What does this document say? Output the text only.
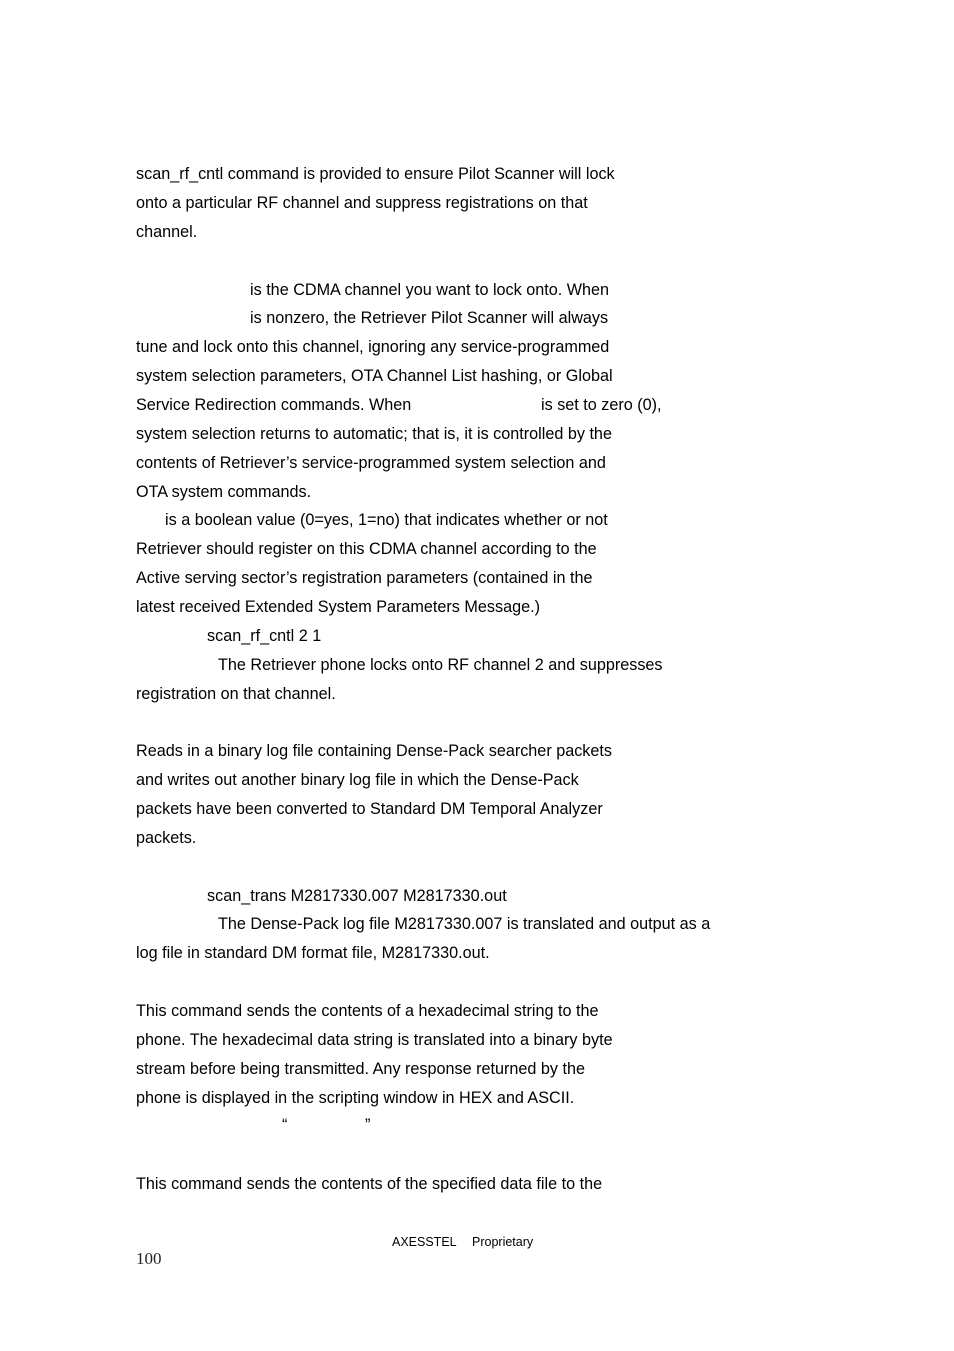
scan_rf_cntl command is provided to ensure Pilot Scanner will lock
onto a particular RF channel and suppress registrations on that
channel.
is the CDMA channel you want to lock onto. When
is nonzero, the Retriever Pilot Scanner will always
tune and lock onto this channel, ignoring any service-programmed
system selection parameters, OTA Channel List hashing, or Global
Service Redirection commands. When	is set to zero (0),
system selection returns to automatic; that is, it is controlled by the
contents of Retriever’s service-programmed system selection and
OTA system commands.
is a boolean value (0=yes, 1=no) that indicates whether or not
Retriever should register on this CDMA channel according to the
Active serving sector’s registration parameters (contained in the
latest received Extended System Parameters Message.)
scan_rf_cntl 2 1
The Retriever phone locks onto RF channel 2 and suppresses
registration on that channel.
Reads in a binary log file containing Dense-Pack searcher packets
and writes out another binary log file in which the Dense-Pack
packets have been converted to Standard DM Temporal Analyzer
packets.
scan_trans M2817330.007 M2817330.out
The Dense-Pack log file M2817330.007 is translated and output as a
log file in standard DM format file, M2817330.out.
This command sends the contents of a hexadecimal string to the
phone. The hexadecimal data string is translated into a binary byte
stream before being transmitted. Any response returned by the
phone is displayed in the scripting window in HEX and ASCII.
“	”
This command sends the contents of the specified data file to the
AXESSTEL Proprietary
100
